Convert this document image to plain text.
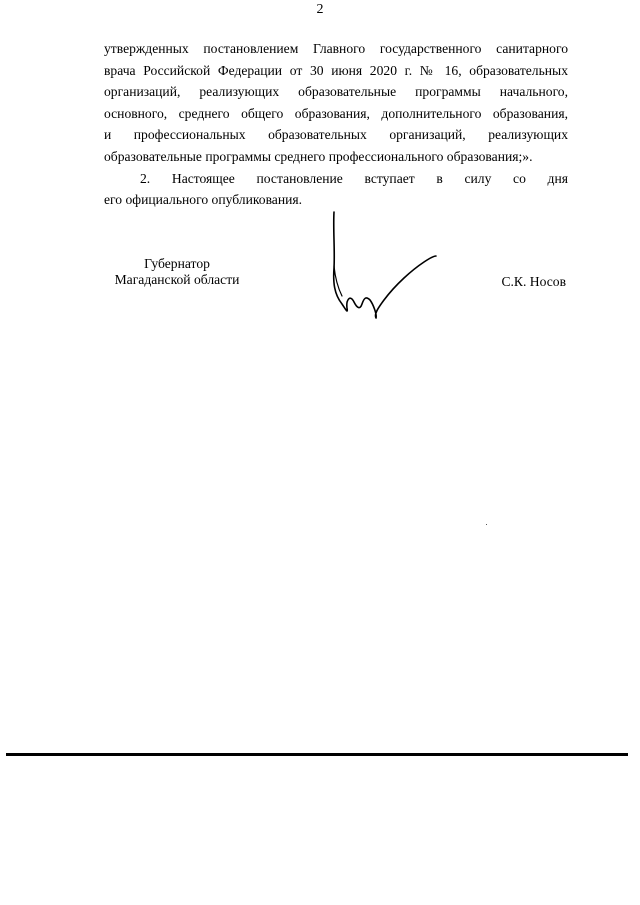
2
утвержденных постановлением Главного государственного санитарного
врача Российской Федерации от 30 июня 2020 г. № 16, образовательных
организаций, реализующих образовательные программы начального,
основного, среднего общего образования, дополнительного образования,
и профессиональных образовательных организаций, реализующих
образовательные программы среднего профессионального образования;».
2. Настоящее постановление вступает в силу со дня
его официального опубликования.
Губернатор
Магаданской области	С.К. Носов
